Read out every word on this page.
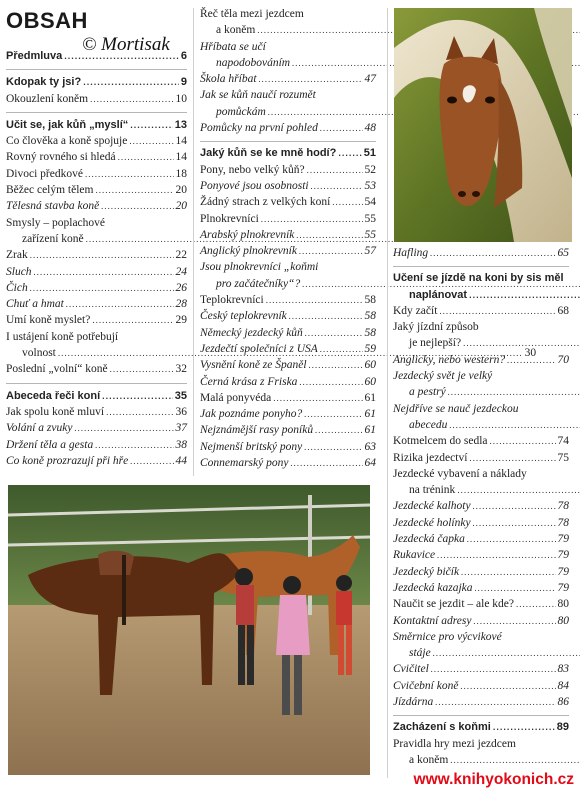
OBSAH
Předmluva .....	6
Kdopak ty jsi? .....	9
Okouzlení koněm .....	10
Učit se, jak kůň „myslí“ .....	13
Co člověka a koně spojuje .....	14
Rovný rovného si hledá .....	14
Divoci předkové .....	18
Běžec celým tělem .....	20
Tělesná stavba koně .....	20
Smysly – poplachové
zařízení koně.....
Zrak .....	22
Sluch .....	24
Čich .....	26
Chuť a hmat .....	28
Umí koně myslet? .....	29
I ustájení koně potřebují
volnost .....	30
Poslední „volní“ koně .....	32
Abeceda řeči koní .....	35
Jak spolu koně mluví .....	36
Volání a zvuky .....	37
Držení těla a gesta .....	38
Co koně prozrazují při hře .....	44
© Mortisak
Řeč těla mezi jezdcem
a koněm.....
Hříbata se učí
napodobováním.....
Škola hříbat .....	47
Jak se kůň naučí rozumět
pomůckám.....
Pomůcky na první pohled .....	48
Jaký kůň se ke mně hodí? ..... 51
Pony, nebo velký kůň? .....	52
Ponyové jsou osobnosti .....	53
Žádný strach z velkých koní .....	54
Plnokrevníci .....	55
Arabský plnokrevník .....	55
Anglický plnokrevník .....	57
Jsou plnokrevníci „koňmi
pro začátečníky“?.....
Teplokrevníci .....	58
Český teplokrevník .....	58
Německý jezdecký kůň .....	58
Jezdečtí společníci z USA .....	59
Vysnění koně ze Španěl .....	60
Černá krása z Friska .....	60
Malá ponyvéda .....	61
Jak poznáme ponyho? .....	61
Nejznámější rasy poníků .....	61
Nejmenší britský pony .....	63
Connemarský pony .....	64
Hafling .....	65
Učení se jízdě na koni by sis měl
naplánovat.....
Kdy začít .....	68
Jaký jízdní způsob
je nejlepší?.....
Anglicky, nebo western? .....	70
Jezdecký svět je velký
a pestrý.....
Nejdříve se nauč jezdeckou
abecedu.....
Kotmelcem do sedla .....	74
Rizika jezdectví .....	75
Jezdecké vybavení a náklady
na trénink.....
Jezdecké kalhoty .....	78
Jezdecké holínky .....	78
Jezdecká čapka .....	79
Rukavice .....	79
Jezdecký bičík .....	79
Jezdecká kazajka .....	79
Naučit se jezdit – ale kde? .....	80
Kontaktní adresy .....	80
Směrnice pro výcvikové
stáje.....
Cvičitel .....	83
Cvičební koně .....	84
Jízdárna .....	86
Zacházení s koňmi .....	89
Pravidla hry mezi jezdcem
a koněm.....
www.knihyokonich.cz
